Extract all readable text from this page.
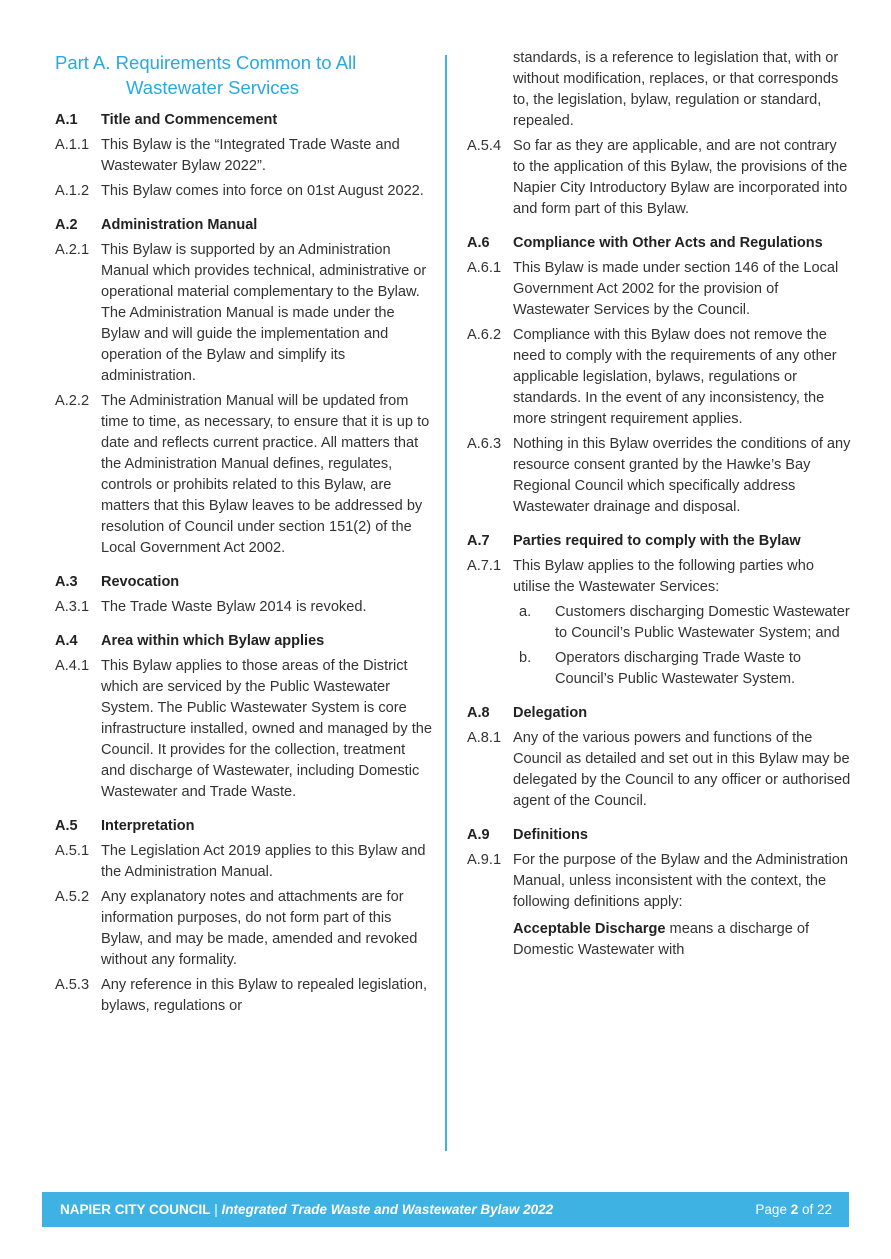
Part A. Requirements Common to All
Wastewater Services
A.1	Title and Commencement
A.1.1 This Bylaw is the “Integrated Trade Waste and Wastewater Bylaw 2022”.
A.1.2 This Bylaw comes into force on 01st August 2022.
A.2	Administration Manual
A.2.1 This Bylaw is supported by an Administration Manual which provides technical, administrative or operational material complementary to the Bylaw. The Administration Manual is made under the Bylaw and will guide the implementation and operation of the Bylaw and simplify its administration.
A.2.2 The Administration Manual will be updated from time to time, as necessary, to ensure that it is up to date and reflects current practice. All matters that the Administration Manual defines, regulates, controls or prohibits related to this Bylaw, are matters that this Bylaw leaves to be addressed by resolution of Council under section 151(2) of the Local Government Act 2002.
A.3	Revocation
A.3.1 The Trade Waste Bylaw 2014 is revoked.
A.4	Area within which Bylaw applies
A.4.1 This Bylaw applies to those areas of the District which are serviced by the Public Wastewater System. The Public Wastewater System is core infrastructure installed, owned and managed by the Council. It provides for the collection, treatment and discharge of Wastewater, including Domestic Wastewater and Trade Waste.
A.5	Interpretation
A.5.1 The Legislation Act 2019 applies to this Bylaw and the Administration Manual.
A.5.2 Any explanatory notes and attachments are for information purposes, do not form part of this Bylaw, and may be made, amended and revoked without any formality.
A.5.3 Any reference in this Bylaw to repealed legislation, bylaws, regulations or
standards, is a reference to legislation that, with or without modification, replaces, or that corresponds to, the legislation, bylaw, regulation or standard, repealed.
A.5.4 So far as they are applicable, and are not contrary to the application of this Bylaw, the provisions of the Napier City Introductory Bylaw are incorporated into and form part of this Bylaw.
A.6	Compliance with Other Acts and Regulations
A.6.1 This Bylaw is made under section 146 of the Local Government Act 2002 for the provision of Wastewater Services by the Council.
A.6.2 Compliance with this Bylaw does not remove the need to comply with the requirements of any other applicable legislation, bylaws, regulations or standards. In the event of any inconsistency, the more stringent requirement applies.
A.6.3 Nothing in this Bylaw overrides the conditions of any resource consent granted by the Hawke’s Bay Regional Council which specifically address Wastewater drainage and disposal.
A.7	Parties required to comply with the Bylaw
A.7.1 This Bylaw applies to the following parties who utilise the Wastewater Services:
a.	Customers discharging Domestic Wastewater to Council’s Public Wastewater System; and
b.	Operators discharging Trade Waste to Council’s Public Wastewater System.
A.8	Delegation
A.8.1 Any of the various powers and functions of the Council as detailed and set out in this Bylaw may be delegated by the Council to any officer or authorised agent of the Council.
A.9	Definitions
A.9.1 For the purpose of the Bylaw and the Administration Manual, unless inconsistent with the context, the following definitions apply:
Acceptable Discharge means a discharge of Domestic Wastewater with
NAPIER CITY COUNCIL | Integrated Trade Waste and Wastewater Bylaw 2022	Page 2 of 22
